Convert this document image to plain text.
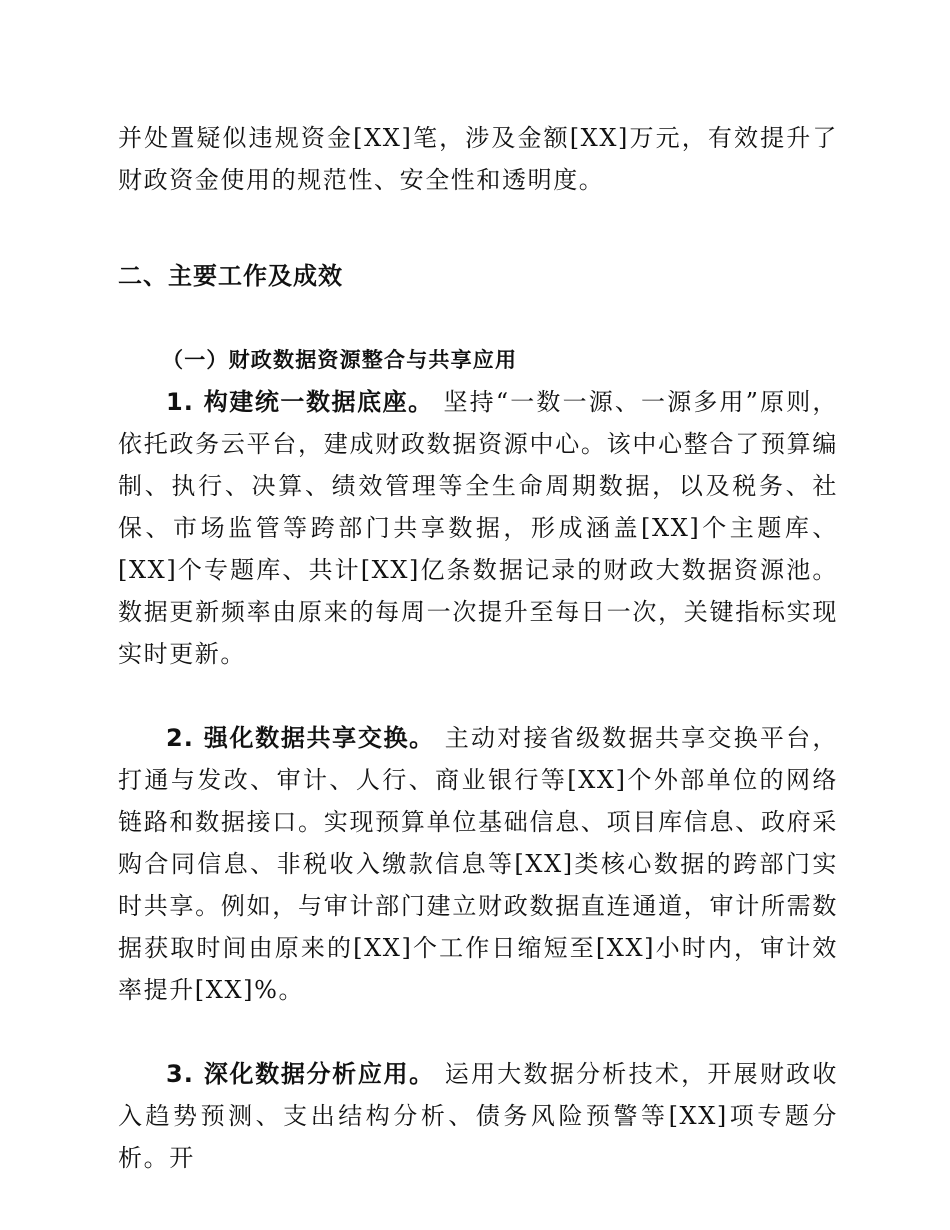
并处置疑似违规资金[XX]笔，涉及金额[XX]万元，有效提升了财政资金使用的规范性、安全性和透明度。

二、主要工作及成效
（一）财政数据资源整合与共享应用

1. 构建统一数据底座。 坚持“一数一源、一源多用”原则，依托政务云平台，建成财政数据资源中心。该中心整合了预算编制、执行、决算、绩效管理等全生命周期数据，以及税务、社保、市场监管等跨部门共享数据，形成涵盖[XX]个主题库、[XX]个专题库、共计[XX]亿条数据记录的财政大数据资源池。数据更新频率由原来的每周一次提升至每日一次，关键指标实现实时更新。

2. 强化数据共享交换。 主动对接省级数据共享交换平台，打通与发改、审计、人行、商业银行等[XX]个外部单位的网络链路和数据接口。实现预算单位基础信息、项目库信息、政府采购合同信息、非税收入缴款信息等[XX]类核心数据的跨部门实时共享。例如，与审计部门建立财政数据直连通道，审计所需数据获取时间由原来的[XX]个工作日缩短至[XX]小时内，审计效率提升[XX]%。

3. 深化数据分析应用。 运用大数据分析技术，开展财政收入趋势预测、支出结构分析、债务风险预警等[XX]项专题分析。开
